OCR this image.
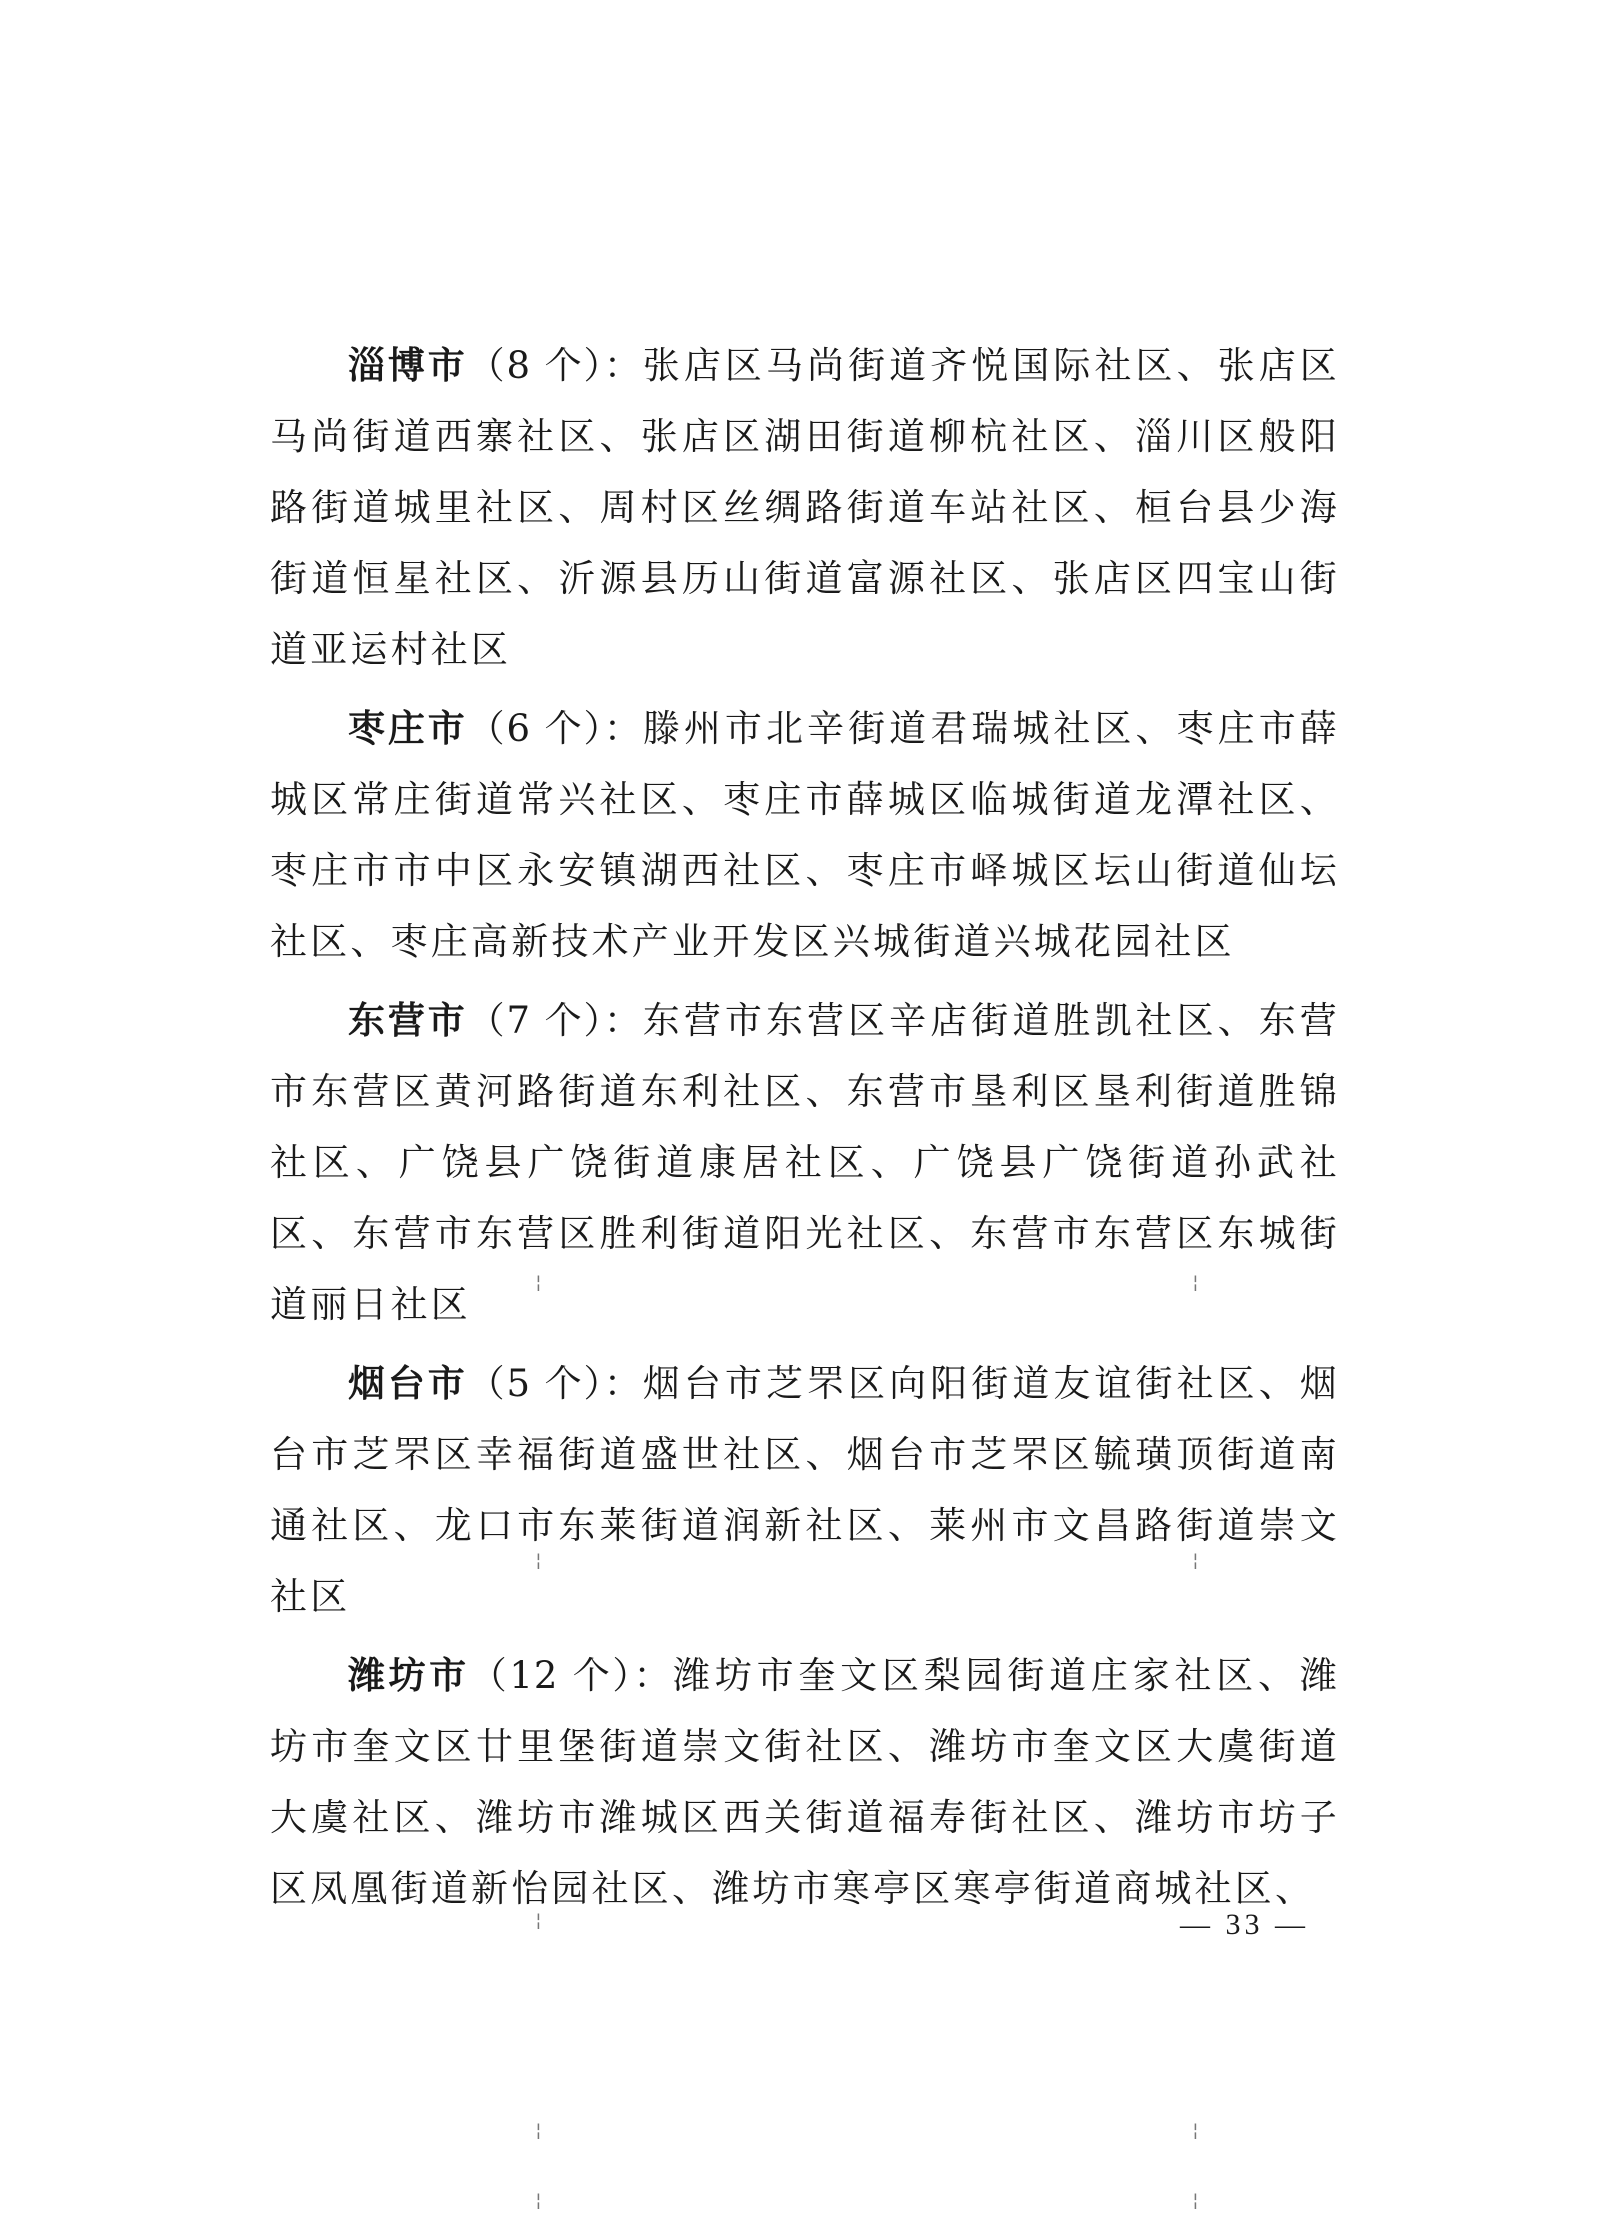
淄博市（8 个）：张店区马尚街道齐悦国际社区、张店区马尚街道西寨社区、张店区湖田街道柳杭社区、淄川区般阳路街道城里社区、周村区丝绸路街道车站社区、桓台县少海街道恒星社区、沂源县历山街道富源社区、张店区四宝山街道亚运村社区

枣庄市（6 个）：滕州市北辛街道君瑞城社区、枣庄市薛城区常庄街道常兴社区、枣庄市薛城区临城街道龙潭社区、枣庄市市中区永安镇湖西社区、枣庄市峄城区坛山街道仙坛社区、枣庄高新技术产业开发区兴城街道兴城花园社区

东营市（7 个）：东营市东营区辛店街道胜凯社区、东营市东营区黄河路街道东利社区、东营市垦利区垦利街道胜锦社区、广饶县广饶街道康居社区、广饶县广饶街道孙武社区、东营市东营区胜利街道阳光社区、东营市东营区东城街道丽日社区

烟台市（5 个）：烟台市芝罘区向阳街道友谊街社区、烟台市芝罘区幸福街道盛世社区、烟台市芝罘区毓璜顶街道南通社区、龙口市东莱街道润新社区、莱州市文昌路街道崇文社区

潍坊市（12 个）：潍坊市奎文区梨园街道庄家社区、潍坊市奎文区廿里堡街道崇文街社区、潍坊市奎文区大虞街道大虞社区、潍坊市潍城区西关街道福寿街社区、潍坊市坊子区凤凰街道新怡园社区、潍坊市寒亭区寒亭街道商城社区、

— 33 —
¦	¦
¦	¦
¦
¦	¦
¦	¦
